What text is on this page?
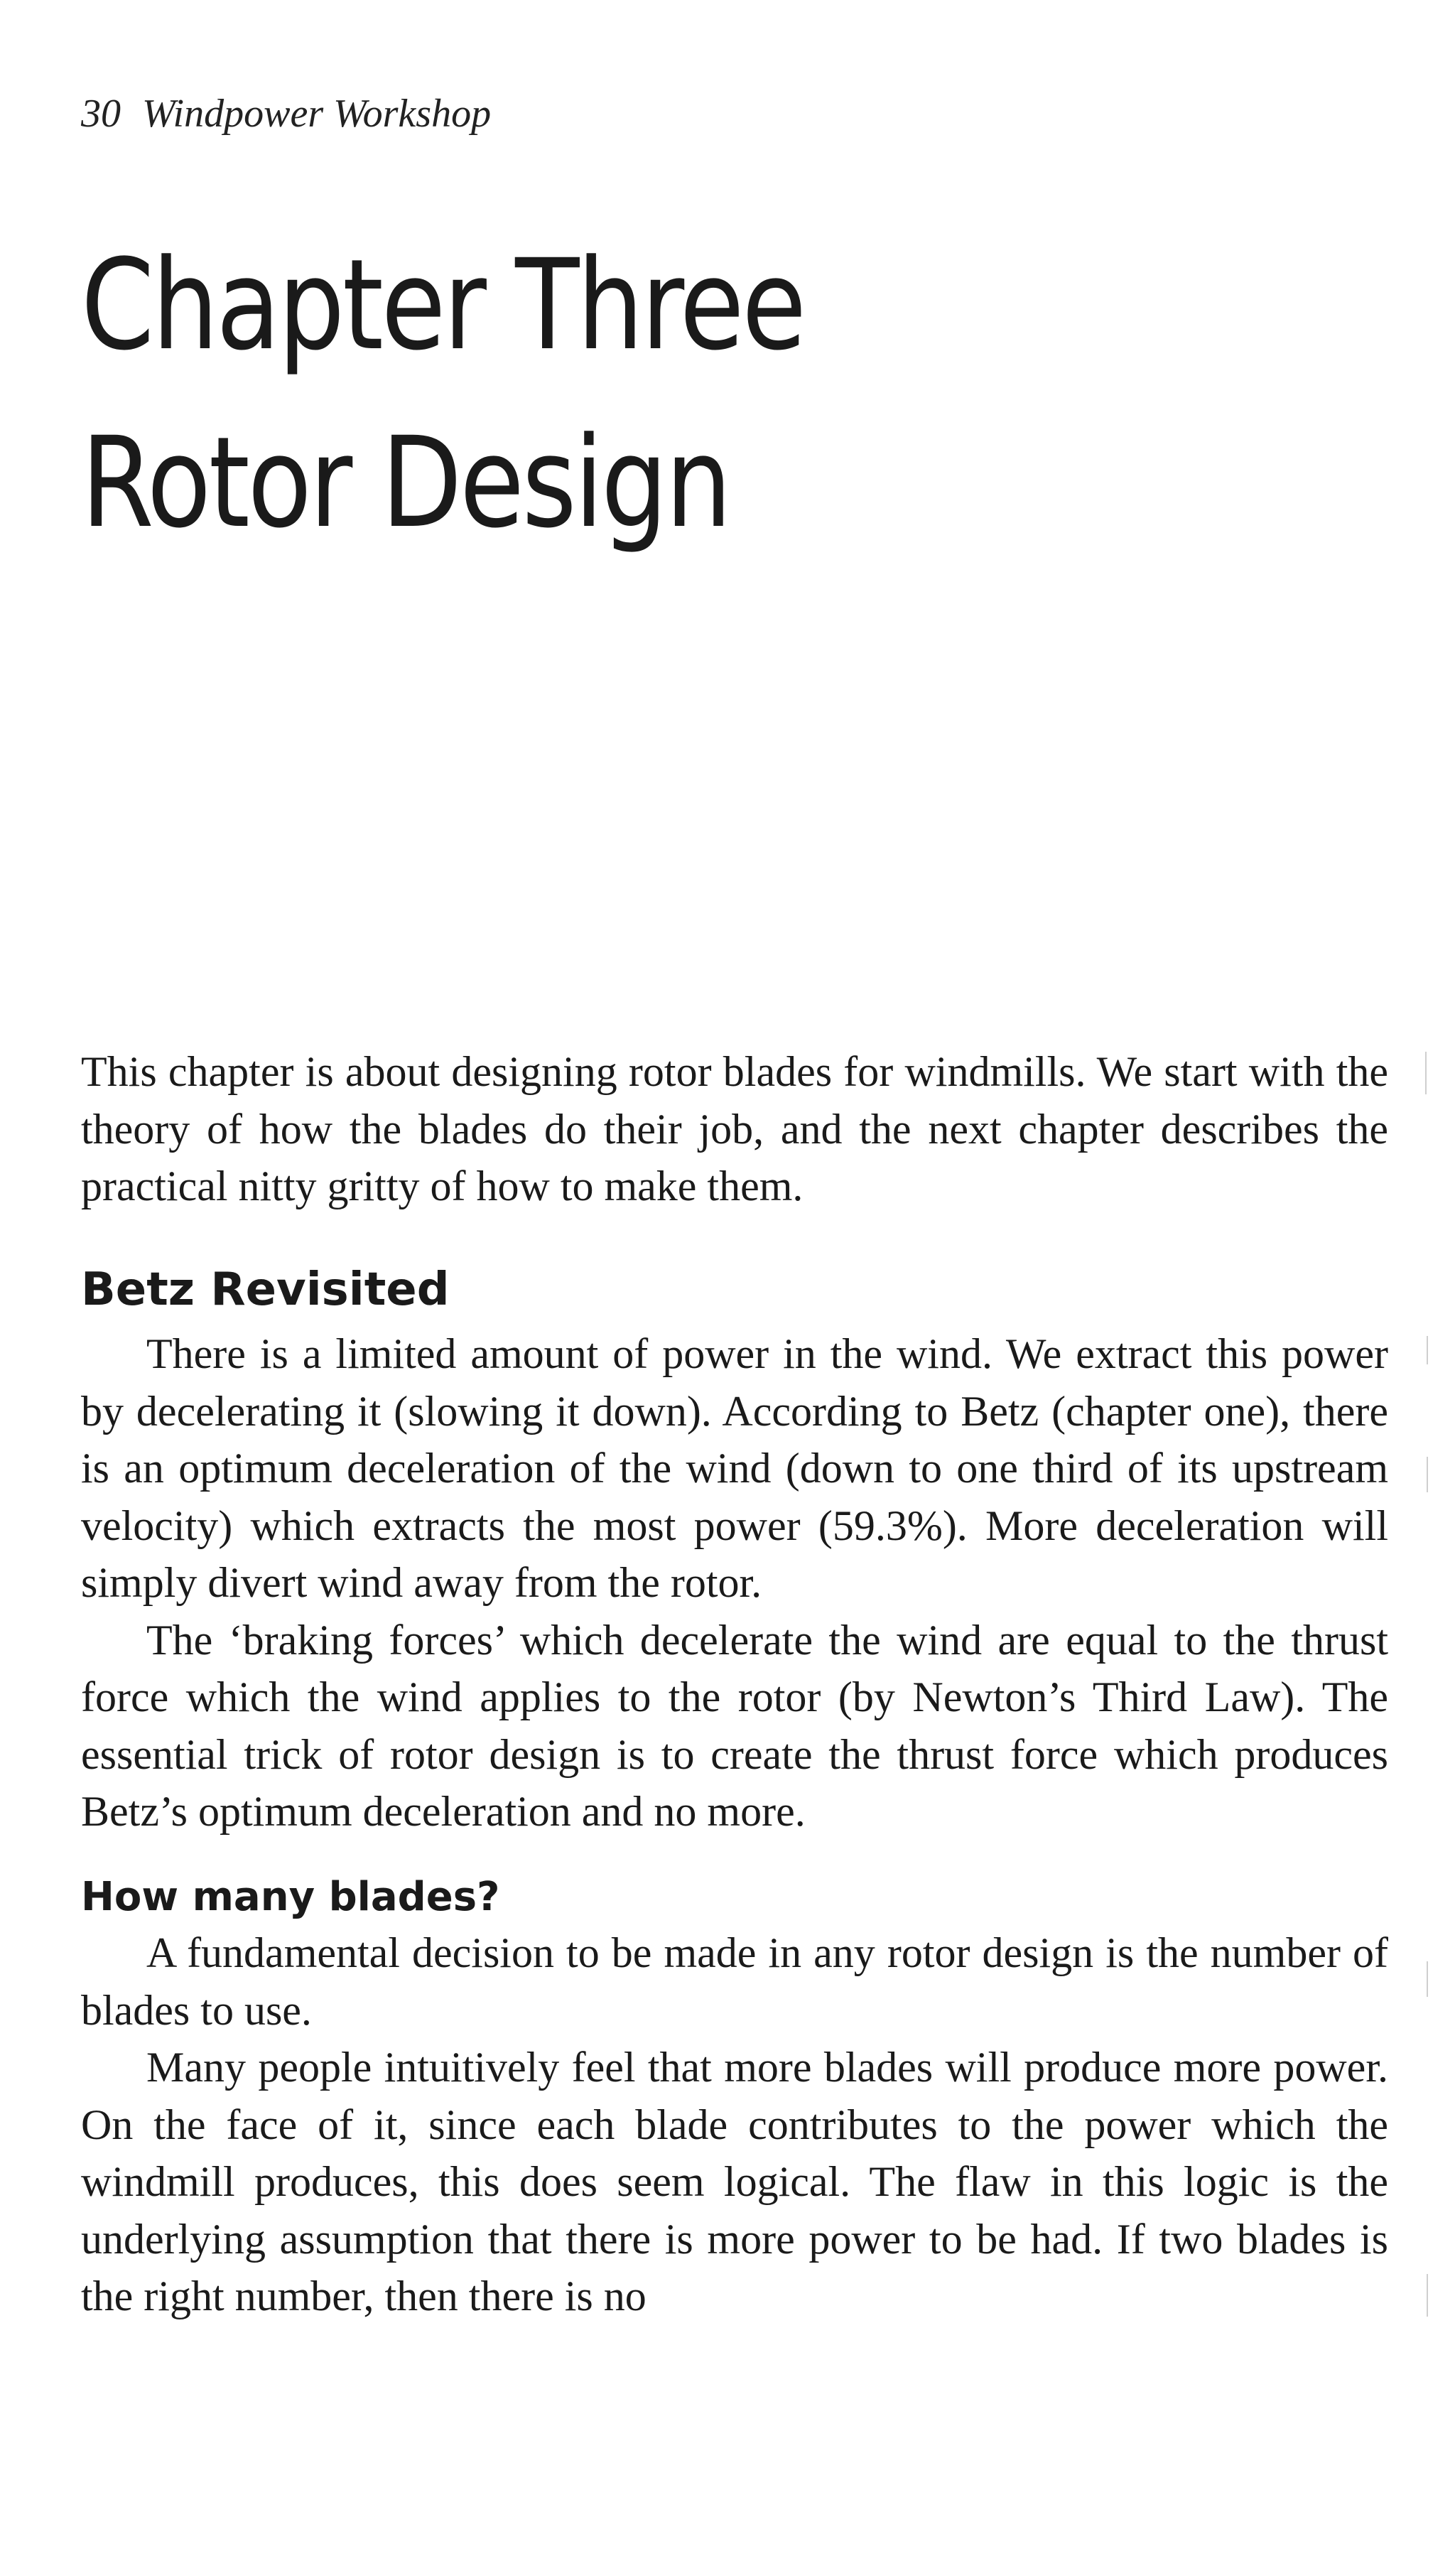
30 Windpower Workshop
Chapter Three
Rotor Design

This chapter is about designing rotor blades for windmills. We start with the theory of how the blades do their job, and the next chapter describes the practical nitty gritty of how to make them.

Betz Revisited

There is a limited amount of power in the wind. We extract this power by decelerating it (slowing it down). According to Betz (chapter one), there is an optimum deceleration of the wind (down to one third of its upstream velocity) which extracts the most power (59.3%). More deceleration will simply divert wind away from the rotor.

The ‘braking forces’ which decelerate the wind are equal to the thrust force which the wind applies to the rotor (by Newton’s Third Law). The essential trick of rotor design is to create the thrust force which produces Betz’s optimum deceleration and no more.

How many blades?

A fundamental decision to be made in any rotor design is the number of blades to use.

Many people intuitively feel that more blades will produce more power. On the face of it, since each blade contributes to the power which the windmill produces, this does seem logical. The flaw in this logic is the underlying assumption that there is more power to be had. If two blades is the right number, then there is no
